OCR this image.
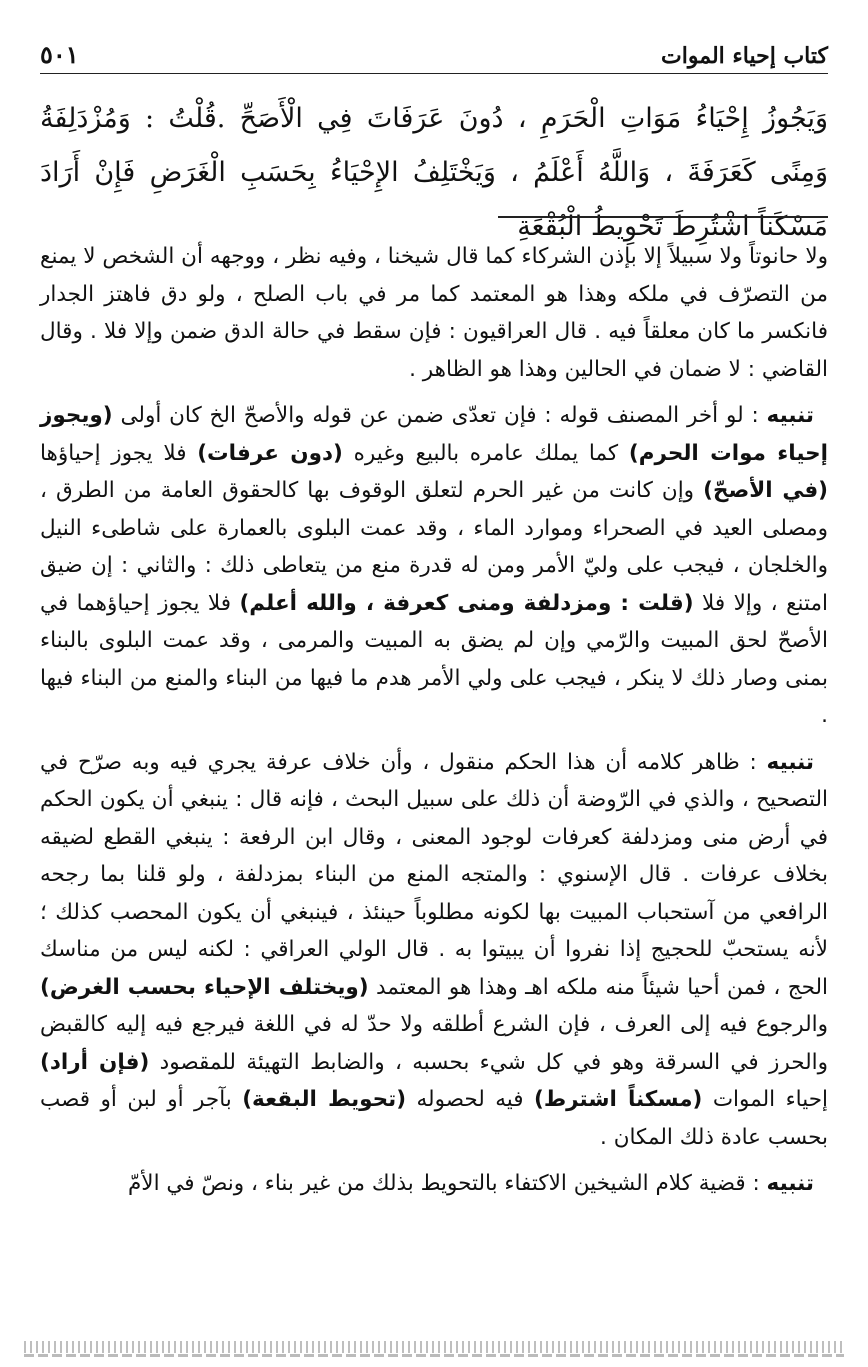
كتاب إحياء الموات
٥٠١
وَيَجُوزُ إِحْيَاءُ مَوَاتِ الْحَرَمِ ، دُونَ عَرَفَاتَ فِي الْأَصَحِّ .قُلْتُ : وَمُزْدَلِفَةُ وَمِنًى كَعَرَفَةَ ، وَاللَّهُ أَعْلَمُ ، وَيَخْتَلِفُ الإِحْيَاءُ بِحَسَبِ الْغَرَضِ فَإِنْ أَرَادَ مَسْكَناً اشْتُرِطَ تَحْوِيطُ الْبُقْعَةِ

ولا حانوتاً ولا سبيلاً إلا بإذن الشركاء كما قال شيخنا ، وفيه نظر ، ووجهه أن الشخص لا يمنع من التصرّف في ملكه وهذا هو المعتمد كما مر في باب الصلح ، ولو دق فاهتز الجدار فانكسر ما كان معلقاً فيه . قال العراقيون : فإن سقط في حالة الدق ضمن وإلا فلا . وقال القاضي : لا ضمان في الحالين وهذا هو الظاهر .

تنبيه : لو أخر المصنف قوله : فإن تعدّى ضمن عن قوله والأصحّ الخ كان أولى (ويجوز إحياء موات الحرم) كما يملك عامره بالبيع وغيره (دون عرفات) فلا يجوز إحياؤها (في الأصحّ) وإن كانت من غير الحرم لتعلق الوقوف بها كالحقوق العامة من الطرق ، ومصلى العيد في الصحراء وموارد الماء ، وقد عمت البلوى بالعمارة على شاطىء النيل والخلجان ، فيجب على وليّ الأمر ومن له قدرة منع من يتعاطى ذلك : والثاني : إن ضيق امتنع ، وإلا فلا (قلت : ومزدلفة ومنى كعرفة ، والله أعلم) فلا يجوز إحياؤهما في الأصحّ لحق المبيت والرّمي وإن لم يضق به المبيت والمرمى ، وقد عمت البلوى بالبناء بمنى وصار ذلك لا ينكر ، فيجب على ولي الأمر هدم ما فيها من البناء والمنع من البناء فيها .

تنبيه : ظاهر كلامه أن هذا الحكم منقول ، وأن خلاف عرفة يجري فيه وبه صرّح في التصحيح ، والذي في الرّوضة أن ذلك على سبيل البحث ، فإنه قال : ينبغي أن يكون الحكم في أرض منى ومزدلفة كعرفات لوجود المعنى ، وقال ابن الرفعة : ينبغي القطع لضيقه بخلاف عرفات . قال الإسنوي : والمتجه المنع من البناء بمزدلفة ، ولو قلنا بما رجحه الرافعي من آستحباب المبيت بها لكونه مطلوباً حينئذ ، فينبغي أن يكون المحصب كذلك ؛ لأنه يستحبّ للحجيج إذا نفروا أن يبيتوا به . قال الولي العراقي : لكنه ليس من مناسك الحج ، فمن أحيا شيئاً منه ملكه اهـ وهذا هو المعتمد (ويختلف الإحياء بحسب الغرض) والرجوع فيه إلى العرف ، فإن الشرع أطلقه ولا حدّ له في اللغة فيرجع فيه إليه كالقبض والحرز في السرقة وهو في كل شيء بحسبه ، والضابط التهيئة للمقصود (فإن أراد) إحياء الموات (مسكناً اشترط) فيه لحصوله (تحويط البقعة) بآجر أو لبن أو قصب بحسب عادة ذلك المكان .

تنبيه : قضية كلام الشيخين الاكتفاء بالتحويط بذلك من غير بناء ، ونصّ في الأمّ
